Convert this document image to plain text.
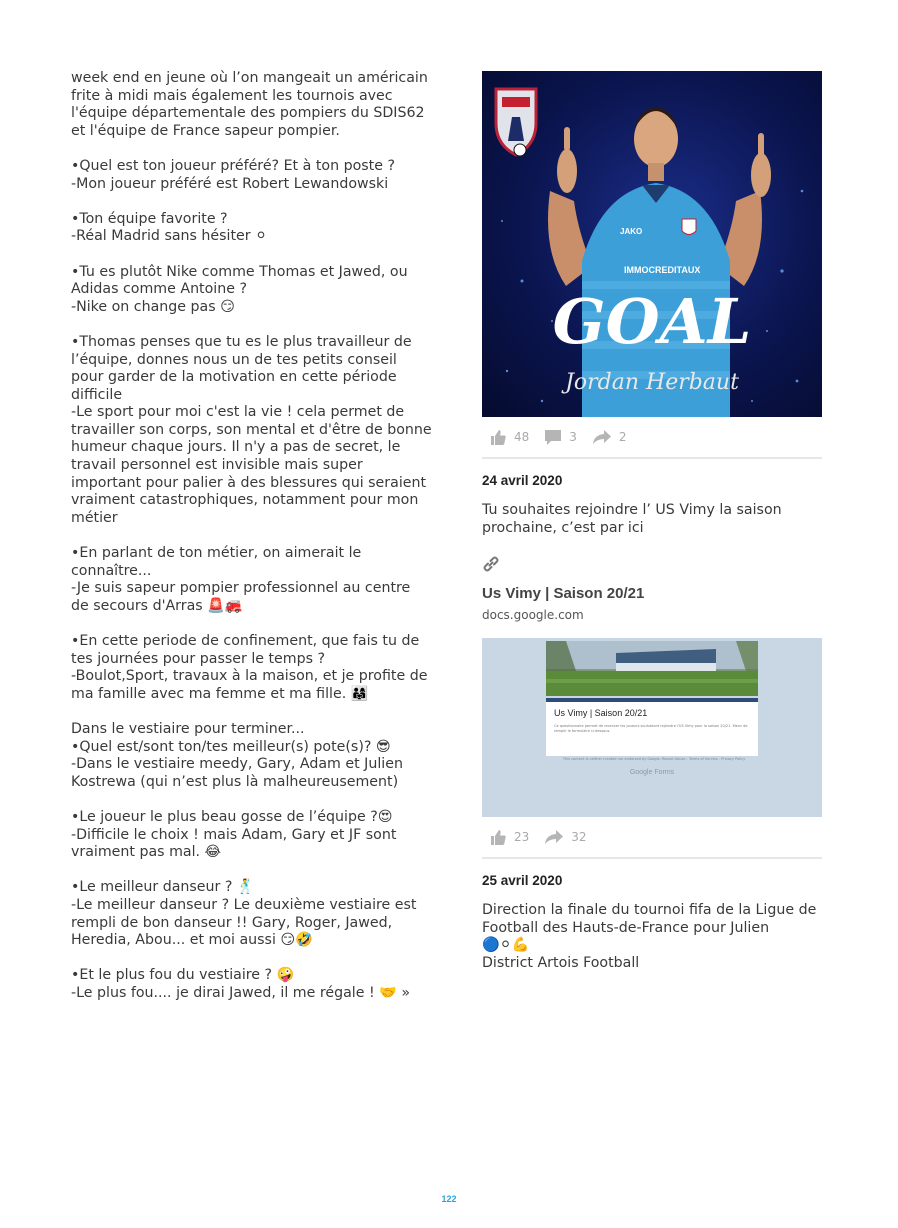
week end en jeune où l’on mangeait un américain
frite à midi mais également les tournois avec
l'équipe départementale des pompiers du SDIS62
et l'équipe de France sapeur pompier.
•Quel est ton joueur préféré? Et à ton poste ?
-Mon joueur préféré est Robert Lewandowski
•Ton équipe favorite ?
-Réal Madrid sans hésiter ⚪
•Tu es plutôt Nike comme Thomas et Jawed, ou
Adidas comme Antoine ?
-Nike on change pas 😏
•Thomas penses que tu es le plus travailleur de
l’équipe, donnes nous un de tes petits conseil
pour garder de la motivation en cette période
difficile
-Le sport pour moi c'est la vie ! cela permet de
travailler son corps, son mental et d'être de bonne
humeur chaque jours. Il n'y a pas de secret, le
travail personnel est invisible mais super
important pour palier à des blessures qui seraient
vraiment catastrophiques, notamment pour mon
métier
•En parlant de ton métier, on aimerait le
connaître...
-Je suis sapeur pompier professionnel au centre
de secours d'Arras 🚨🚒
•En cette periode de confinement, que fais tu de
tes journées pour passer le temps ?
-Boulot,Sport, travaux à la maison, et je profite de
ma famille avec ma femme et ma fille. 👨‍👩‍👧
Dans le vestiaire pour terminer...
•Quel est/sont ton/tes meilleur(s) pote(s)? 😎
-Dans le vestiaire meedy, Gary, Adam et Julien
Kostrewa (qui n’est plus là malheureusement)
•Le joueur le plus beau gosse de l’équipe ?😍
-Difficile le choix ! mais Adam, Gary et JF sont
vraiment pas mal. 😂
•Le meilleur danseur ? 🕺
-Le meilleur danseur ? Le deuxième vestiaire est
rempli de bon danseur !! Gary, Roger, Jawed,
Heredia, Abou... et moi aussi 😏🤣
•Et le plus fou du vestiaire ? 🤪
-Le plus fou.... je dirai Jawed, il me régale ! 🤝 »
JAKO
IMMOCREDITAUX
GOAL
Jordan Herbaut
48	3	2
24 avril 2020
Tu souhaites rejoindre l’ US Vimy la saison
prochaine, c’est par ici
Us Vimy | Saison 20/21
docs.google.com
Us Vimy | Saison 20/21
Ce questionnaire permet de recenser les joueurs souhaitant rejoindre l'US Vimy pour la saison 20/21. Merci de remplir le formulaire ci-dessous.
This content is neither created nor endorsed by Google. Report Abuse - Terms of Service - Privacy Policy
Google Forms
23	32
25 avril 2020
Direction la finale du tournoi fifa de la Ligue de
Football des Hauts-de-France pour Julien
🔵⚪💪
District Artois Football
122
